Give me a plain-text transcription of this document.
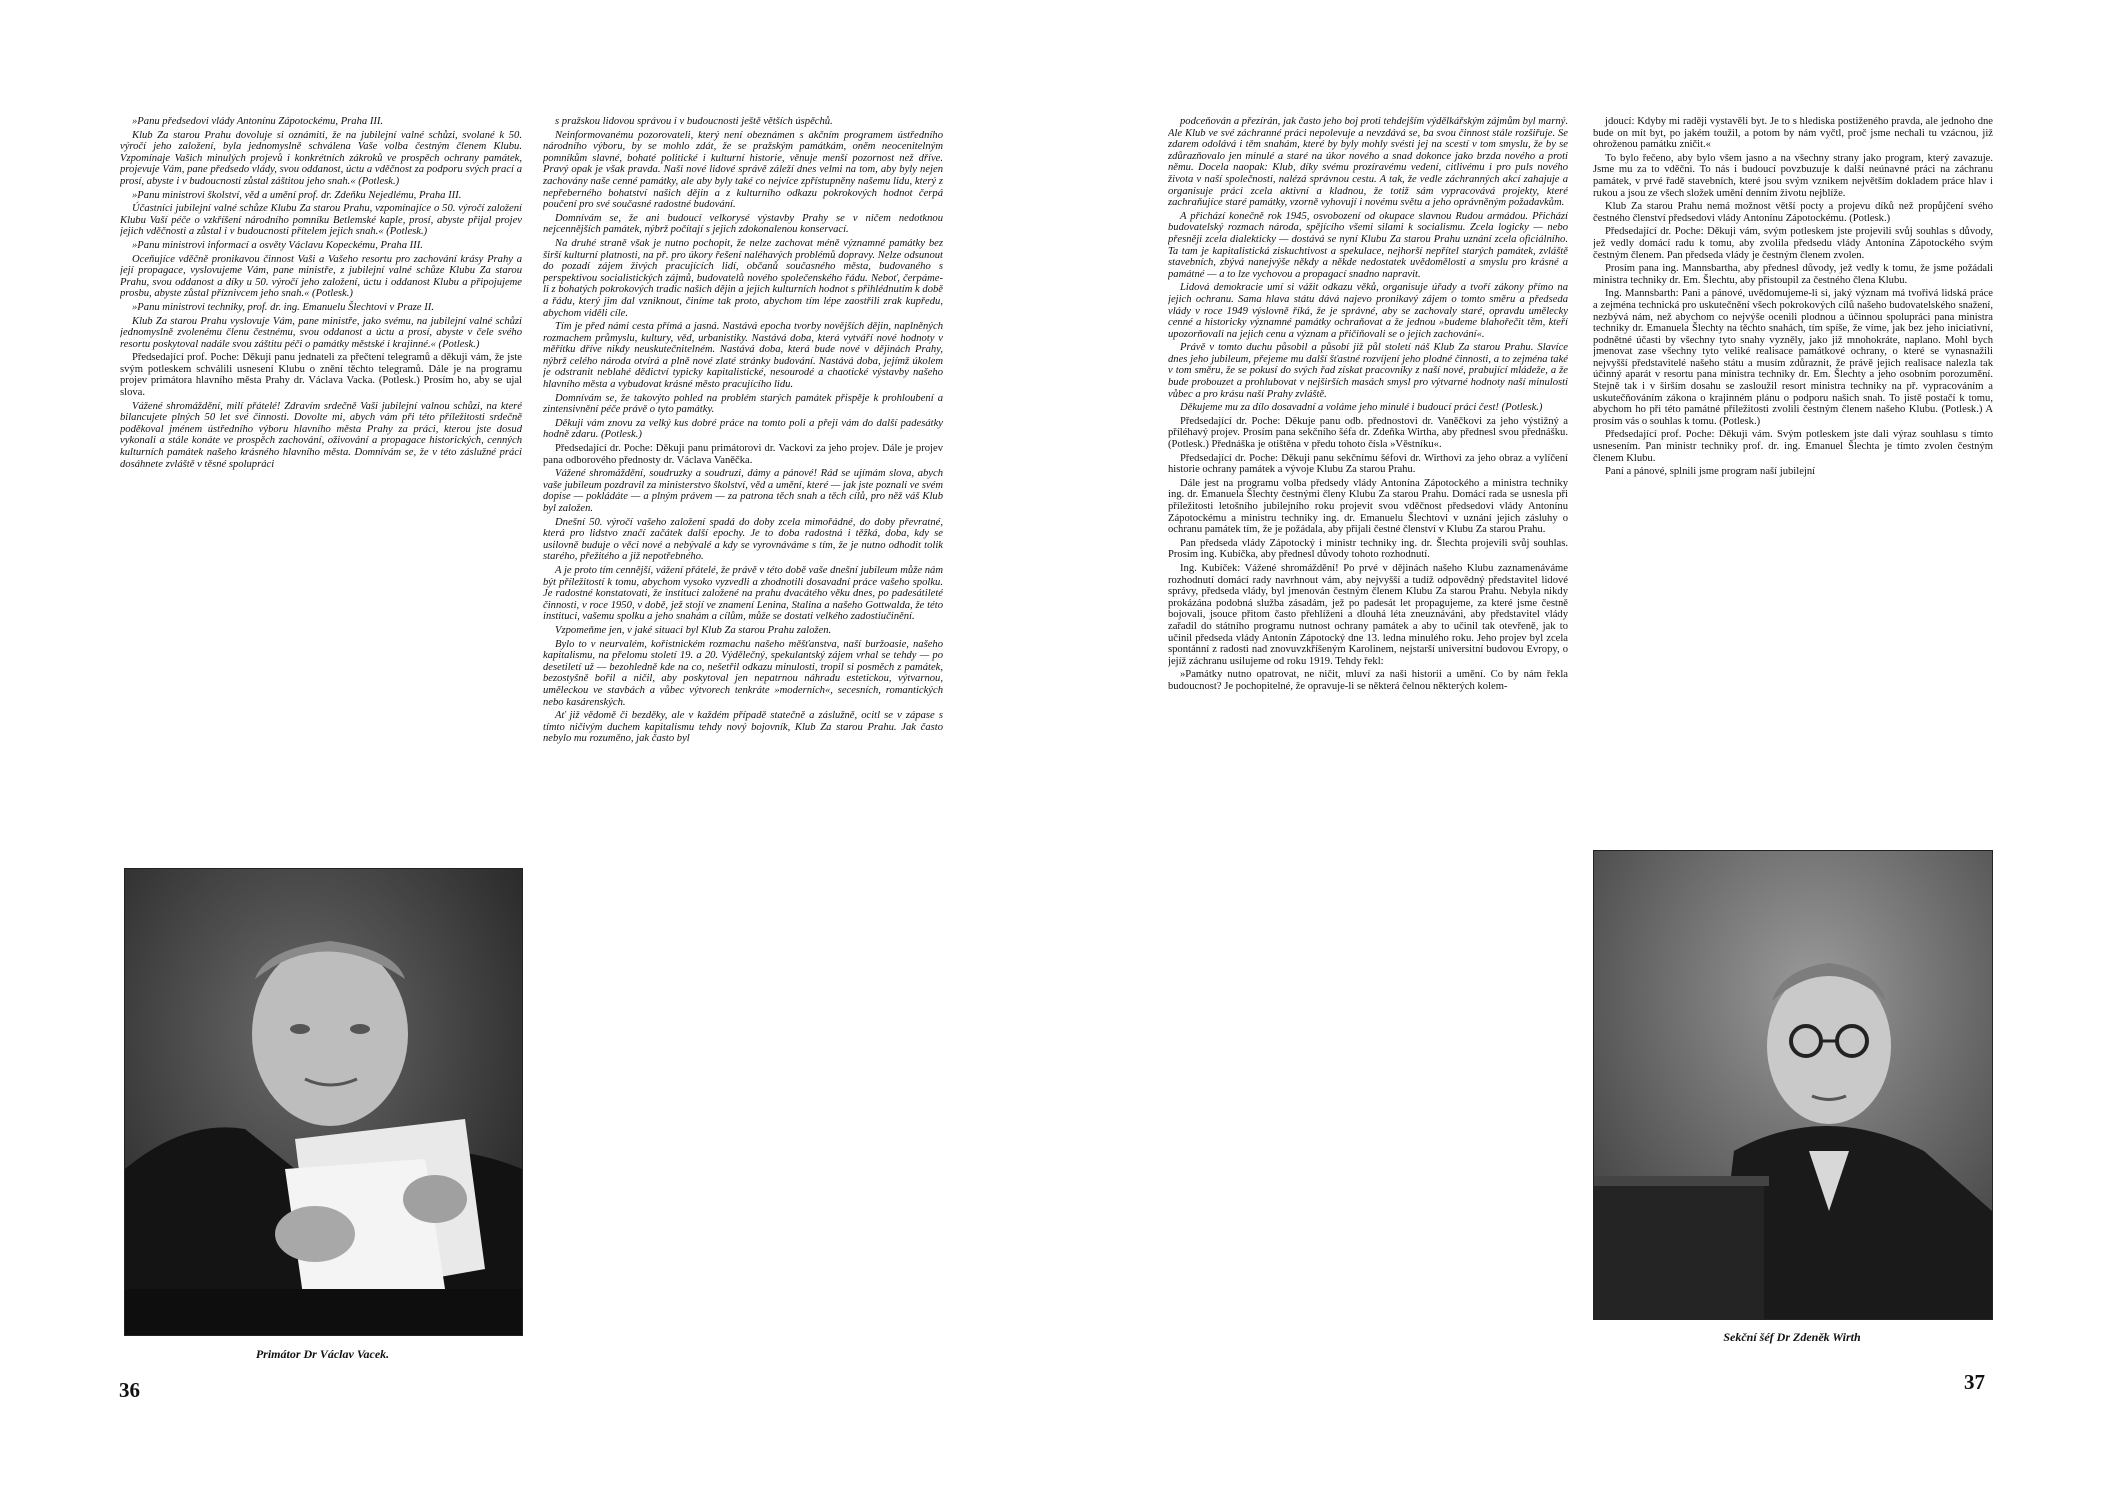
»Panu předsedovi vlády Antonínu Zápotockému, Praha III.

Klub Za starou Prahu dovoluje si oznámiti, že na jubilejní valné schůzi, svolané k 50. výročí jeho založení, byla jednomyslně schválena Vaše volba čestným členem Klubu. Vzpomínaje Vašich minulých projevů i konkrétních zákroků ve prospěch ochrany památek, projevuje Vám, pane předsedo vlády, svou oddanost, úctu a vděčnost za podporu svých prací a prosí, abyste i v budoucnosti zůstal záštitou jeho snah.« (Potlesk.)

»Panu ministrovi školství, věd a umění prof. dr. Zdeňku Nejedlému, Praha III.

Účastníci jubilejní valné schůze Klubu Za starou Prahu, vzpomínajíce o 50. výročí založení Klubu Vaší péče o vzkříšení národního pomníku Betlemské kaple, prosí, abyste přijal projev jejich vděčnosti a zůstal i v budoucnosti přítelem jejich snah.« (Potlesk.)

»Panu ministrovi informací a osvěty Václavu Kopeckému, Praha III.

Oceňujíce vděčně pronikavou činnost Vaši a Vašeho resortu pro zachování krásy Prahy a její propagace, vyslovujeme Vám, pane ministře, z jubilejní valné schůze Klubu Za starou Prahu, svou oddanost a díky u 50. výročí jeho založení, úctu i oddanost Klubu a připojujeme prosbu, abyste zůstal příznivcem jeho snah.« (Potlesk.)

»Panu ministrovi techniky, prof. dr. ing. Emanuelu Šlechtovi v Praze II.

Klub Za starou Prahu vyslovuje Vám, pane ministře, jako svému, na jubilejní valné schůzi jednomyslně zvolenému členu čestnému, svou oddanost a úctu a prosí, abyste v čele svého resortu poskytoval nadále svou záštitu péči o památky městské i krajinné.« (Potlesk.)

Předsedající prof. Poche: Děkuji panu jednateli za přečtení telegramů a děkuji vám, že jste svým potleskem schválili usnesení Klubu o znění těchto telegramů. Dále je na programu projev primátora hlavního města Prahy dr. Václava Vacka. (Potlesk.) Prosím ho, aby se ujal slova.

Vážené shromáždění, milí přátelé! Zdravím srdečně Vaši jubilejní valnou schůzi, na které bilancujete plných 50 let své činnosti. Dovolte mi, abych vám při této příležitosti srdečně poděkoval jménem ústředního výboru hlavního města Prahy za práci, kterou jste dosud vykonali a stále konáte ve prospěch zachování, oživování a propagace historických, cenných kulturních památek našeho krásného hlavního města. Domnívám se, že v této záslužné práci dosáhnete zvláště v těsné spolupráci

s pražskou lidovou správou i v budoucnosti ještě větších úspěchů.

Neinformovanému pozorovateli, který není obeznámen s akčním programem ústředního národního výboru, by se mohlo zdát, že se pražským památkám, oněm neocenitelným pomníkům slavné, bohaté politické i kulturní historie, věnuje menší pozornost než dříve. Pravý opak je však pravda. Naši nové lidové správě záleží dnes velmi na tom, aby byly nejen zachovány naše cenné památky, ale aby byly také co nejvíce zpřístupněny našemu lidu, který z nepřeberného bohatství našich dějin a z kulturního odkazu pokrokových hodnot čerpá poučení pro své současné radostné budování.

Domnívám se, že ani budoucí velkorysé výstavby Prahy se v ničem nedotknou nejcennějších památek, nýbrž počítají s jejich zdokonalenou konservací.

Na druhé straně však je nutno pochopit, že nelze zachovat méně významné památky bez širší kulturní platnosti, na př. pro úkory řešení naléhavých problémů dopravy. Nelze odsunout do pozadí zájem živých pracujících lidí, občanů současného města, budovaného s perspektivou socialistických zájmů, budovatelů nového společenského řádu. Neboť, čerpáme-li z bohatých pokrokových tradic našich dějin a jejich kulturních hodnot s přihlédnutím k době a řádu, který jim dal vzniknout, činíme tak proto, abychom tím lépe zaostřili zrak kupředu, abychom viděli cíle.

Tím je před námi cesta přímá a jasná. Nastává epocha tvorby novějších dějin, naplněných rozmachem průmyslu, kultury, věd, urbanistiky. Nastává doba, která vytváří nové hodnoty v měřítku dříve nikdy neuskutečnitelném. Nastává doba, která bude nové v dějinách Prahy, nýbrž celého národa otvírá a plně nové zlaté stránky budování. Nastává doba, jejímž úkolem je odstranit neblahé dědictví typicky kapitalistické, nesourodé a chaotické výstavby našeho hlavního města a vybudovat krásné město pracujícího lidu.

Domnívám se, že takovýto pohled na problém starých památek přispěje k prohloubení a zintensivnění péče právě o tyto památky.

Děkuji vám znovu za velký kus dobré práce na tomto poli a přeji vám do další padesátky hodně zdaru. (Potlesk.)

Předsedající dr. Poche: Děkuji panu primátorovi dr. Vackovi za jeho projev. Dále je projev pana odborového přednosty dr. Václava Vaněčka.

Vážené shromáždění, soudruzky a soudruzi, dámy a pánové! Rád se ujímám slova, abych vaše jubileum pozdravil za ministerstvo školství, věd a umění, které — jak jste poznali ve svém dopise — pokládáte — a plným právem — za patrona těch snah a těch cílů, pro něž váš Klub byl založen.

Dnešní 50. výročí vašeho založení spadá do doby zcela mimořádné, do doby převratné, která pro lidstvo značí začátek další epochy. Je to doba radostná i těžká, doba, kdy se usilovně buduje o věci nové a nebývalé a kdy se vyrovnáváme s tím, že je nutno odhodit tolik starého, přežitého a již nepotřebného.

A je proto tím cennější, vážení přátelé, že právě v této době vaše dnešní jubileum může nám být příležitostí k tomu, abychom vysoko vyzvedli a zhodnotili dosavadní práce vašeho spolku. Je radostné konstatovati, že instituci založené na prahu dvacátého věku dnes, po padesátileté činnosti, v roce 1950, v době, jež stojí ve znamení Lenina, Stalina a našeho Gottwalda, že této instituci, vašemu spolku a jeho snahám a cílům, může se dostati velkého zadostiučinění.

Vzpomeňme jen, v jaké situaci byl Klub Za starou Prahu založen.

Bylo to v neurvalém, kořistnickém rozmachu našeho měšťanstva, naší buržoasie, našeho kapitalismu, na přelomu století 19. a 20. Výdělečný, spekulantský zájem vrhal se tehdy — po desetiletí už — bezohledně kde na co, nešetřil odkazu minulosti, tropil si posměch z památek, bezostyšně bořil a ničil, aby poskytoval jen nepatrnou náhradu estetickou, výtvarnou, uměleckou ve stavbách a vůbec výtvorech tenkráte »moderních«, secesních, romantických nebo kasárenských.

Ať již vědomě či bezděky, ale v každém případě statečně a záslužně, ocitl se v zápase s tímto ničivým duchem kapitalismu tehdy nový bojovník, Klub Za starou Prahu. Jak často nebylo mu rozuměno, jak často byl

Primátor Dr Václav Vacek.
36

podceňován a přezírán, jak často jeho boj proti tehdejším výdělkářským zájmům byl marný. Ale Klub ve své záchranné práci nepolevuje a nevzdává se, ba svou činnost stále rozšiřuje. Se zdarem odolává i těm snahám, které by byly mohly svésti jej na scestí v tom smyslu, že by se zdůrazňovalo jen minulé a staré na úkor nového a snad dokonce jako brzda nového a proti němu. Docela naopak: Klub, díky svému prozíravému vedení, citlivému i pro puls nového života v naší společnosti, nalézá správnou cestu. A tak, že vedle záchranných akcí zahajuje a organisuje práci zcela aktivní a kladnou, že totiž sám vypracovává projekty, které zachraňujíce staré památky, vzorně vyhovují i novému světu a jeho oprávněným požadavkům.

A přichází konečně rok 1945, osvobození od okupace slavnou Rudou armádou. Přichází budovatelský rozmach národa, spějícího všemi silami k socialismu. Zcela logicky — nebo přesněji zcela dialekticky — dostává se nyní Klubu Za starou Prahu uznání zcela oficiálního. Ta tam je kapitalistická ziskuchtivost a spekulace, nejhorší nepřítel starých památek, zvláště stavebních, zbývá nanejvýše někdy a někde nedostatek uvědomělosti a smyslu pro krásné a památné — a to lze vychovou a propagací snadno napravit.

Lidová demokracie umí si vážit odkazu věků, organisuje úřady a tvoří zákony přímo na jejich ochranu. Sama hlava státu dává najevo pronikavý zájem o tomto směru a předseda vlády v roce 1949 výslovně říká, že je správné, aby se zachovaly staré, opravdu umělecky cenné a historicky významné památky ochraňovat a že jednou »budeme blahořečit těm, kteří upozorňovali na jejich cenu a význam a přičiňovali se o jejich zachování«.

Právě v tomto duchu působil a působí již půl století náš Klub Za starou Prahu. Slavíce dnes jeho jubileum, přejeme mu další šťastné rozvíjení jeho plodné činnosti, a to zejména také v tom směru, že se pokusí do svých řad získat pracovníky z naší nové, prabující mládeže, a že bude probouzet a prohlubovat v nejširších masách smysl pro výtvarné hodnoty naší minulosti vůbec a pro krásu naší Prahy zvláště.

Děkujeme mu za dílo dosavadní a voláme jeho minulé i budoucí práci čest! (Potlesk.)

Předsedající dr. Poche: Děkuje panu odb. přednostovi dr. Vaněčkovi za jeho výstižný a příléhavý projev. Prosím pana sekčního šéfa dr. Zdeňka Wirtha, aby přednesl svou přednášku. (Potlesk.) Přednáška je otištěna v předu tohoto čísla »Věstníku«.

Předsedající dr. Poche: Děkuji panu sekčnímu šéfovi dr. Wirthovi za jeho obraz a vylíčení historie ochrany památek a vývoje Klubu Za starou Prahu.

Dále jest na programu volba předsedy vlády Antonína Zápotockého a ministra techniky ing. dr. Emanuela Šlechty čestnými členy Klubu Za starou Prahu. Domácí rada se usnesla při příležitosti letošního jubilejního roku projevit svou vděčnost předsedovi vlády Antonínu Zápotockému a ministru techniky ing. dr. Emanuelu Šlechtovi v uznání jejich zásluhy o ochranu památek tím, že je požádala, aby přijali čestné členství v Klubu Za starou Prahu.

Pan předseda vlády Zápotocký i ministr techniky ing. dr. Šlechta projevili svůj souhlas. Prosím ing. Kubíčka, aby přednesl důvody tohoto rozhodnutí.

Ing. Kubíček: Vážené shromáždění! Po prvé v dějinách našeho Klubu zaznamenáváme rozhodnutí domácí rady navrhnout vám, aby nejvyšší a tudíž odpovědný představitel lidové správy, předseda vlády, byl jmenován čestným členem Klubu Za starou Prahu. Nebyla nikdy prokázána podobná služba zásadám, jež po padesát let propagujeme, za které jsme čestně bojovali, jsouce přitom často přehlíženi a dlouhá léta zneuznáváni, aby představitel vlády zařadil do státního programu nutnost ochrany památek a aby to učinil tak otevřeně, jak to učinil předseda vlády Antonín Zápotocký dne 13. ledna minulého roku. Jeho projev byl zcela spontánní z radosti nad znovuvzkříšeným Karolinem, nejstarší universitní budovou Evropy, o jejíž záchranu usilujeme od roku 1919. Tehdy řekl:

»Památky nutno opatrovat, ne ničit, mluví za naši historii a umění. Co by nám řekla budoucnost? Je pochopitelné, že opravuje-li se některá čelnou některých kolem-

jdoucí: Kdyby mi raději vystavěli byt. Je to s hlediska postiženého pravda, ale jednoho dne bude on mít byt, po jakém toužil, a potom by nám vyčtl, proč jsme nechali tu vzácnou, již ohroženou památku zničit.«

To bylo řečeno, aby bylo všem jasno a na všechny strany jako program, který zavazuje. Jsme mu za to vděčni. To nás i budoucí povzbuzuje k další neúnavné práci na záchranu památek, v prvé řadě stavebních, které jsou svým vznikem největším dokladem práce hlav i rukou a jsou ze všech složek umění denním životu nejblíže.

Klub Za starou Prahu nemá možnost větší pocty a projevu díků než propůjčení svého čestného členství předsedovi vlády Antonínu Zápotockému. (Potlesk.)

Předsedající dr. Poche: Děkuji vám, svým potleskem jste projevili svůj souhlas s důvody, jež vedly domácí radu k tomu, aby zvolila předsedu vlády Antonína Zápotockého svým čestným členem. Pan předseda vlády je čestným členem zvolen.

Prosím pana ing. Mannsbartha, aby přednesl důvody, jež vedly k tomu, že jsme požádali ministra techniky dr. Em. Šlechtu, aby přistoupil za čestného člena Klubu.

Ing. Mannsbarth: Pani a pánové, uvědomujeme-li si, jaký význam má tvořivá lidská práce a zejména technická pro uskutečnění všech pokrokových cílů našeho budovatelského snažení, nezbývá nám, než abychom co nejvýše ocenili plodnou a účinnou spolupráci pana ministra techniky dr. Emanuela Šlechty na těchto snahách, tím spíše, že víme, jak bez jeho iniciativní, podnětné účasti by všechny tyto snahy vyzněly, jako již mnohokráte, naplano. Mohl bych jmenovat zase všechny tyto veliké realisace památkové ochrany, o které se vynasnažili nejvyšší představitelé našeho státu a musím zdůraznit, že právě jejich realisace nalezla tak účinný aparát v resortu pana ministra techniky dr. Em. Šlechty a jeho osobním porozumění. Stejně tak i v širším dosahu se zasloužil resort ministra techniky na př. vypracováním a uskutečňováním zákona o krajinném plánu o podporu našich snah. To jistě postačí k tomu, abychom ho při této památné příležitosti zvolili čestným členem našeho Klubu. (Potlesk.) A prosím vás o souhlas k tomu. (Potlesk.)

Předsedající prof. Poche: Děkuji vám. Svým potleskem jste dali výraz souhlasu s tímto usnesením. Pan ministr techniky prof. dr. ing. Emanuel Šlechta je tímto zvolen čestným členem Klubu.

Paní a pánové, splnili jsme program naší jubilejní

Sekční šéf Dr Zdeněk Wirth
37
